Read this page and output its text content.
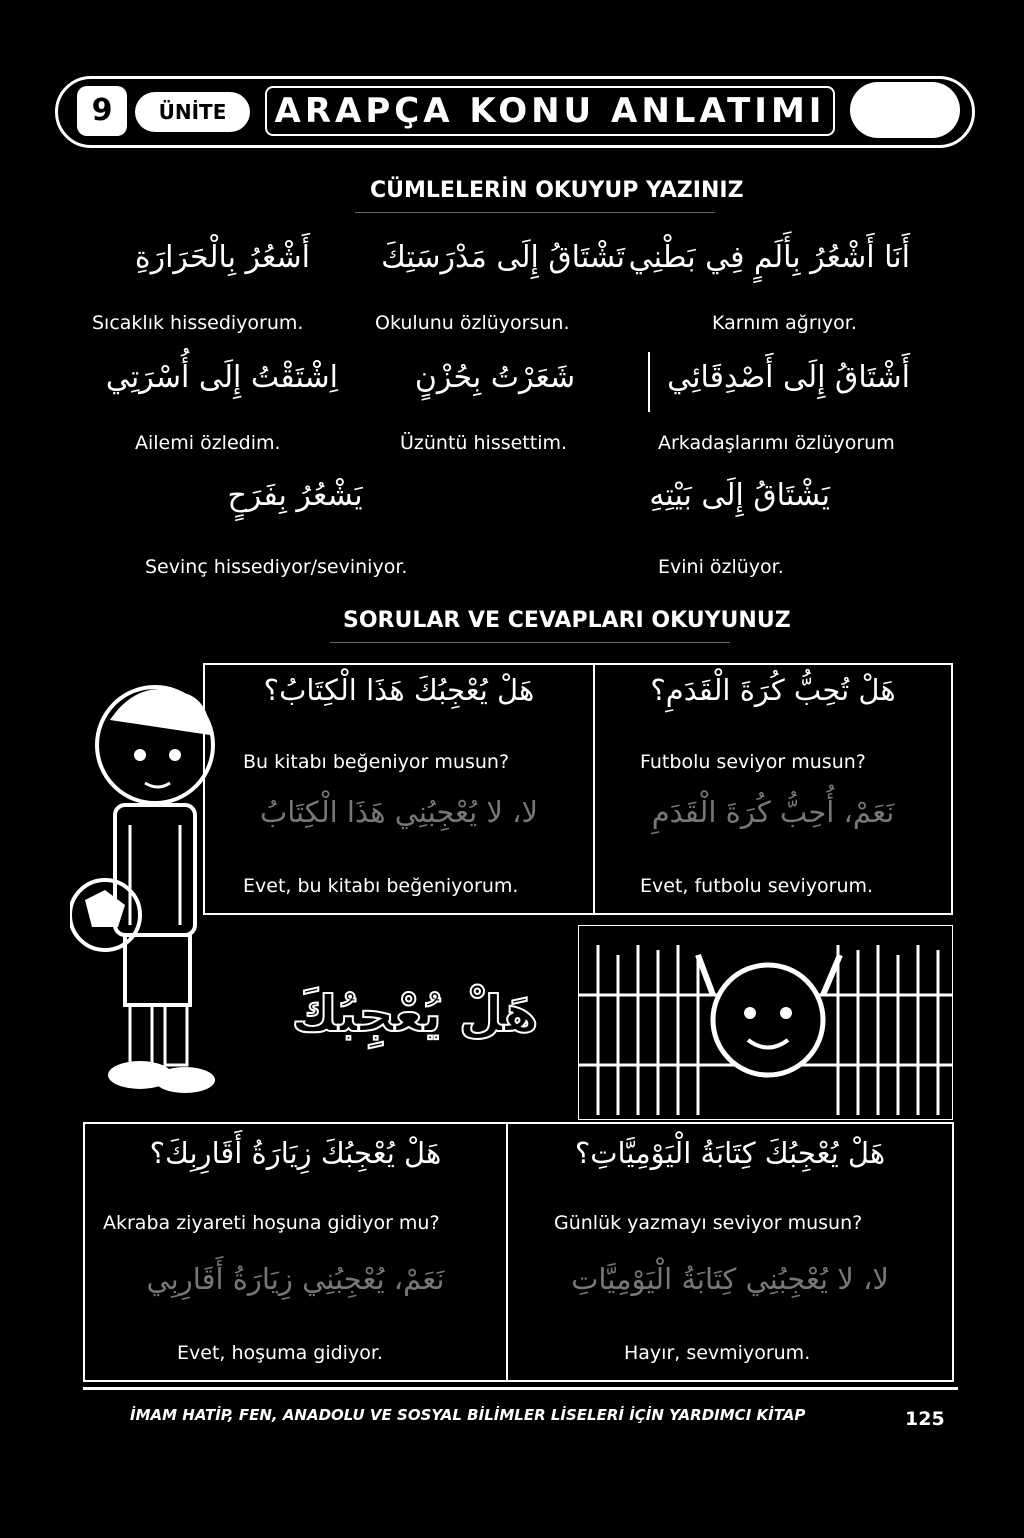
9	ÜNİTE	ARAPÇA KONU ANLATIMI
CÜMLELERİN OKUYUP YAZINIZ
أَشْعُرُ بِالْحَرَارَةِ
Sıcaklık hissediyorum.
تَشْتَاقُ إِلَى مَدْرَسَتِكَ
Okulunu özlüyorsun.
أَنَا أَشْعُرُ بِأَلَمٍ فِي بَطْنِي
Karnım ağrıyor.
اِشْتَقْتُ إِلَى أُسْرَتِي
Ailemi özledim.
شَعَرْتُ بِحُزْنٍ
Üzüntü hissettim.
أَشْتَاقُ إِلَى أَصْدِقَائِي
Arkadaşlarımı özlüyorum
يَشْعُرُ بِفَرَحٍ
Sevinç hissediyor/seviniyor.
يَشْتَاقُ إِلَى بَيْتِهِ
Evini özlüyor.
SORULAR VE CEVAPLARI OKUYUNUZ
هَلْ يُعْجِبُكَ هَذَا الْكِتَابُ؟
Bu kitabı beğeniyor musun?
لا، لا يُعْجِبُنِي هَذَا الْكِتَابُ
Evet, bu kitabı beğeniyorum.
هَلْ تُحِبُّ كُرَةَ الْقَدَمِ؟
Futbolu seviyor musun?
نَعَمْ، أُحِبُّ كُرَةَ الْقَدَمِ
Evet, futbolu seviyorum.
هَلْ يُعْجِبُكَ
هَلْ يُعْجِبُكَ زِيَارَةُ أَقَارِبِكَ؟
Akraba ziyareti hoşuna gidiyor mu?
نَعَمْ، يُعْجِبُنِي زِيَارَةُ أَقَارِبِي
Evet, hoşuma gidiyor.
هَلْ يُعْجِبُكَ كِتَابَةُ الْيَوْمِيَّاتِ؟
Günlük yazmayı seviyor musun?
لا، لا يُعْجِبُنِي كِتَابَةُ الْيَوْمِيَّاتِ
Hayır, sevmiyorum.
İMAM HATİP, FEN, ANADOLU VE SOSYAL BİLİMLER LİSELERİ İÇİN YARDIMCI KİTAP	125
